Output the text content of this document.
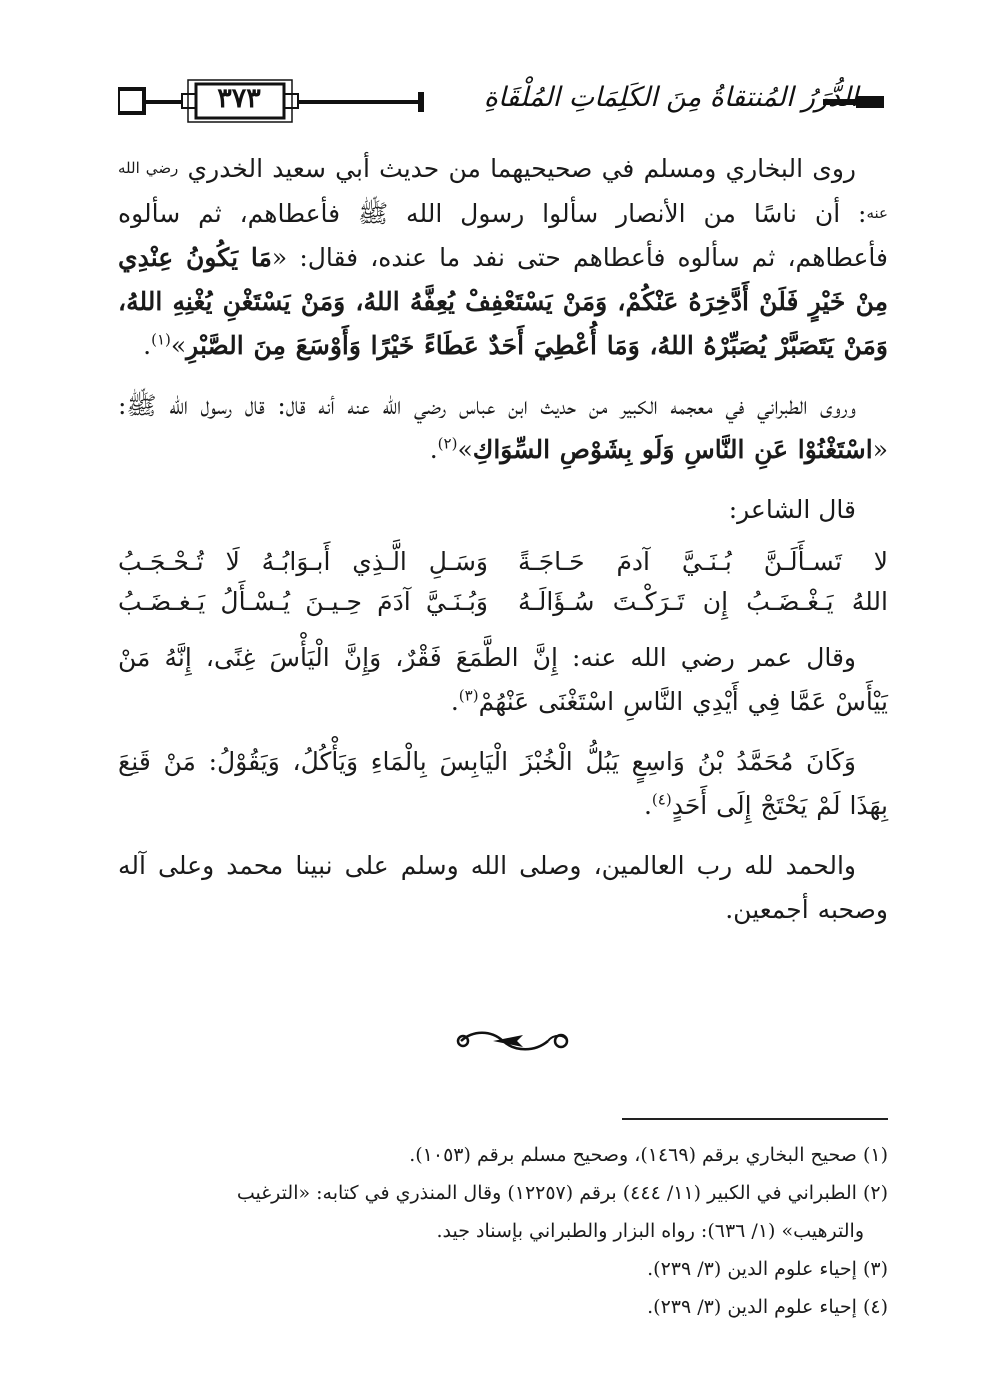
الدُّرَرُ المُنتقاةُ مِنَ الكَلِمَاتِ المُلْقَاةِ
٣٧٣

روى البخاري ومسلم في صحيحيهما من حديث أبي سعيد الخدري رضي الله عنه: أن ناسًا من الأنصار سألوا رسول الله ﷺ فأعطاهم، ثم سألوه فأعطاهم، ثم سألوه فأعطاهم حتى نفد ما عنده، فقال: «مَا يَكُونُ عِنْدِي مِنْ خَيْرٍ فَلَنْ أَدَّخِرَهُ عَنْكُمْ، وَمَنْ يَسْتَعْفِفْ يُعِفَّهُ اللهُ، وَمَنْ يَسْتَغْنِ يُغْنِهِ اللهُ، وَمَنْ يَتَصَبَّرْ يُصَبِّرْهُ اللهُ، وَمَا أُعْطِيَ أَحَدٌ عَطَاءً خَيْرًا وَأَوْسَعَ مِنَ الصَّبْرِ»$^{(١)}$.

وروى الطبراني في معجمه الكبير من حديث ابن عباس رضي الله عنه أنه قال: قال رسول الله ﷺ: «اسْتَغْنُوْا عَنِ النَّاسِ وَلَو بِشَوْصِ السِّوَاكِ»$^{(٢)}$.

قال الشاعر:

لا تَسـأَلَـنَّ بُـنَـيَّ آدمَ حَـاجَـةً
وَسَـلِ الَّـذِي أَبـوَابُـهُ لَا تُـحْـجَـبُ
اللهُ يَـغْـضَـبُ إِن تَـرَكْـتَ سُـؤَالَـهُ
وَبُـنَـيَّ آدَمَ حِـيـنَ يُـسْـأَلُ يَـغـضَـبُ

وقال عمر رضي الله عنه: إِنَّ الطَّمَعَ فَقْرٌ، وَإِنَّ الْيَأْسَ غِنًى، إِنَّهُ مَنْ يَيْأَسْ عَمَّا فِي أَيْدِي النَّاسِ اسْتَغْنَى عَنْهُمْ$^{(٣)}$.

وَكَانَ مُحَمَّدُ بْنُ وَاسِعٍ يَبُلُّ الْخُبْزَ الْيَابِسَ بِالْمَاءِ وَيَأْكُلُ، وَيَقُوْلُ: مَنْ قَنِعَ بِهَذَا لَمْ يَحْتَجْ إِلَى أَحَدٍ$^{(٤)}$.

والحمد لله رب العالمين، وصلى الله وسلم على نبينا محمد وعلى آله وصحبه أجمعين.

(١) صحيح البخاري برقم (١٤٦٩)، وصحيح مسلم برقم (١٠٥٣).

(٢) الطبراني في الكبير (١١/ ٤٤٤) برقم (١٢٢٥٧) وقال المنذري في كتابه: «الترغيب

والترهيب» (١/ ٦٣٦): رواه البزار والطبراني بإسناد جيد.

(٣) إحياء علوم الدين (٣/ ٢٣٩).

(٤) إحياء علوم الدين (٣/ ٢٣٩).
